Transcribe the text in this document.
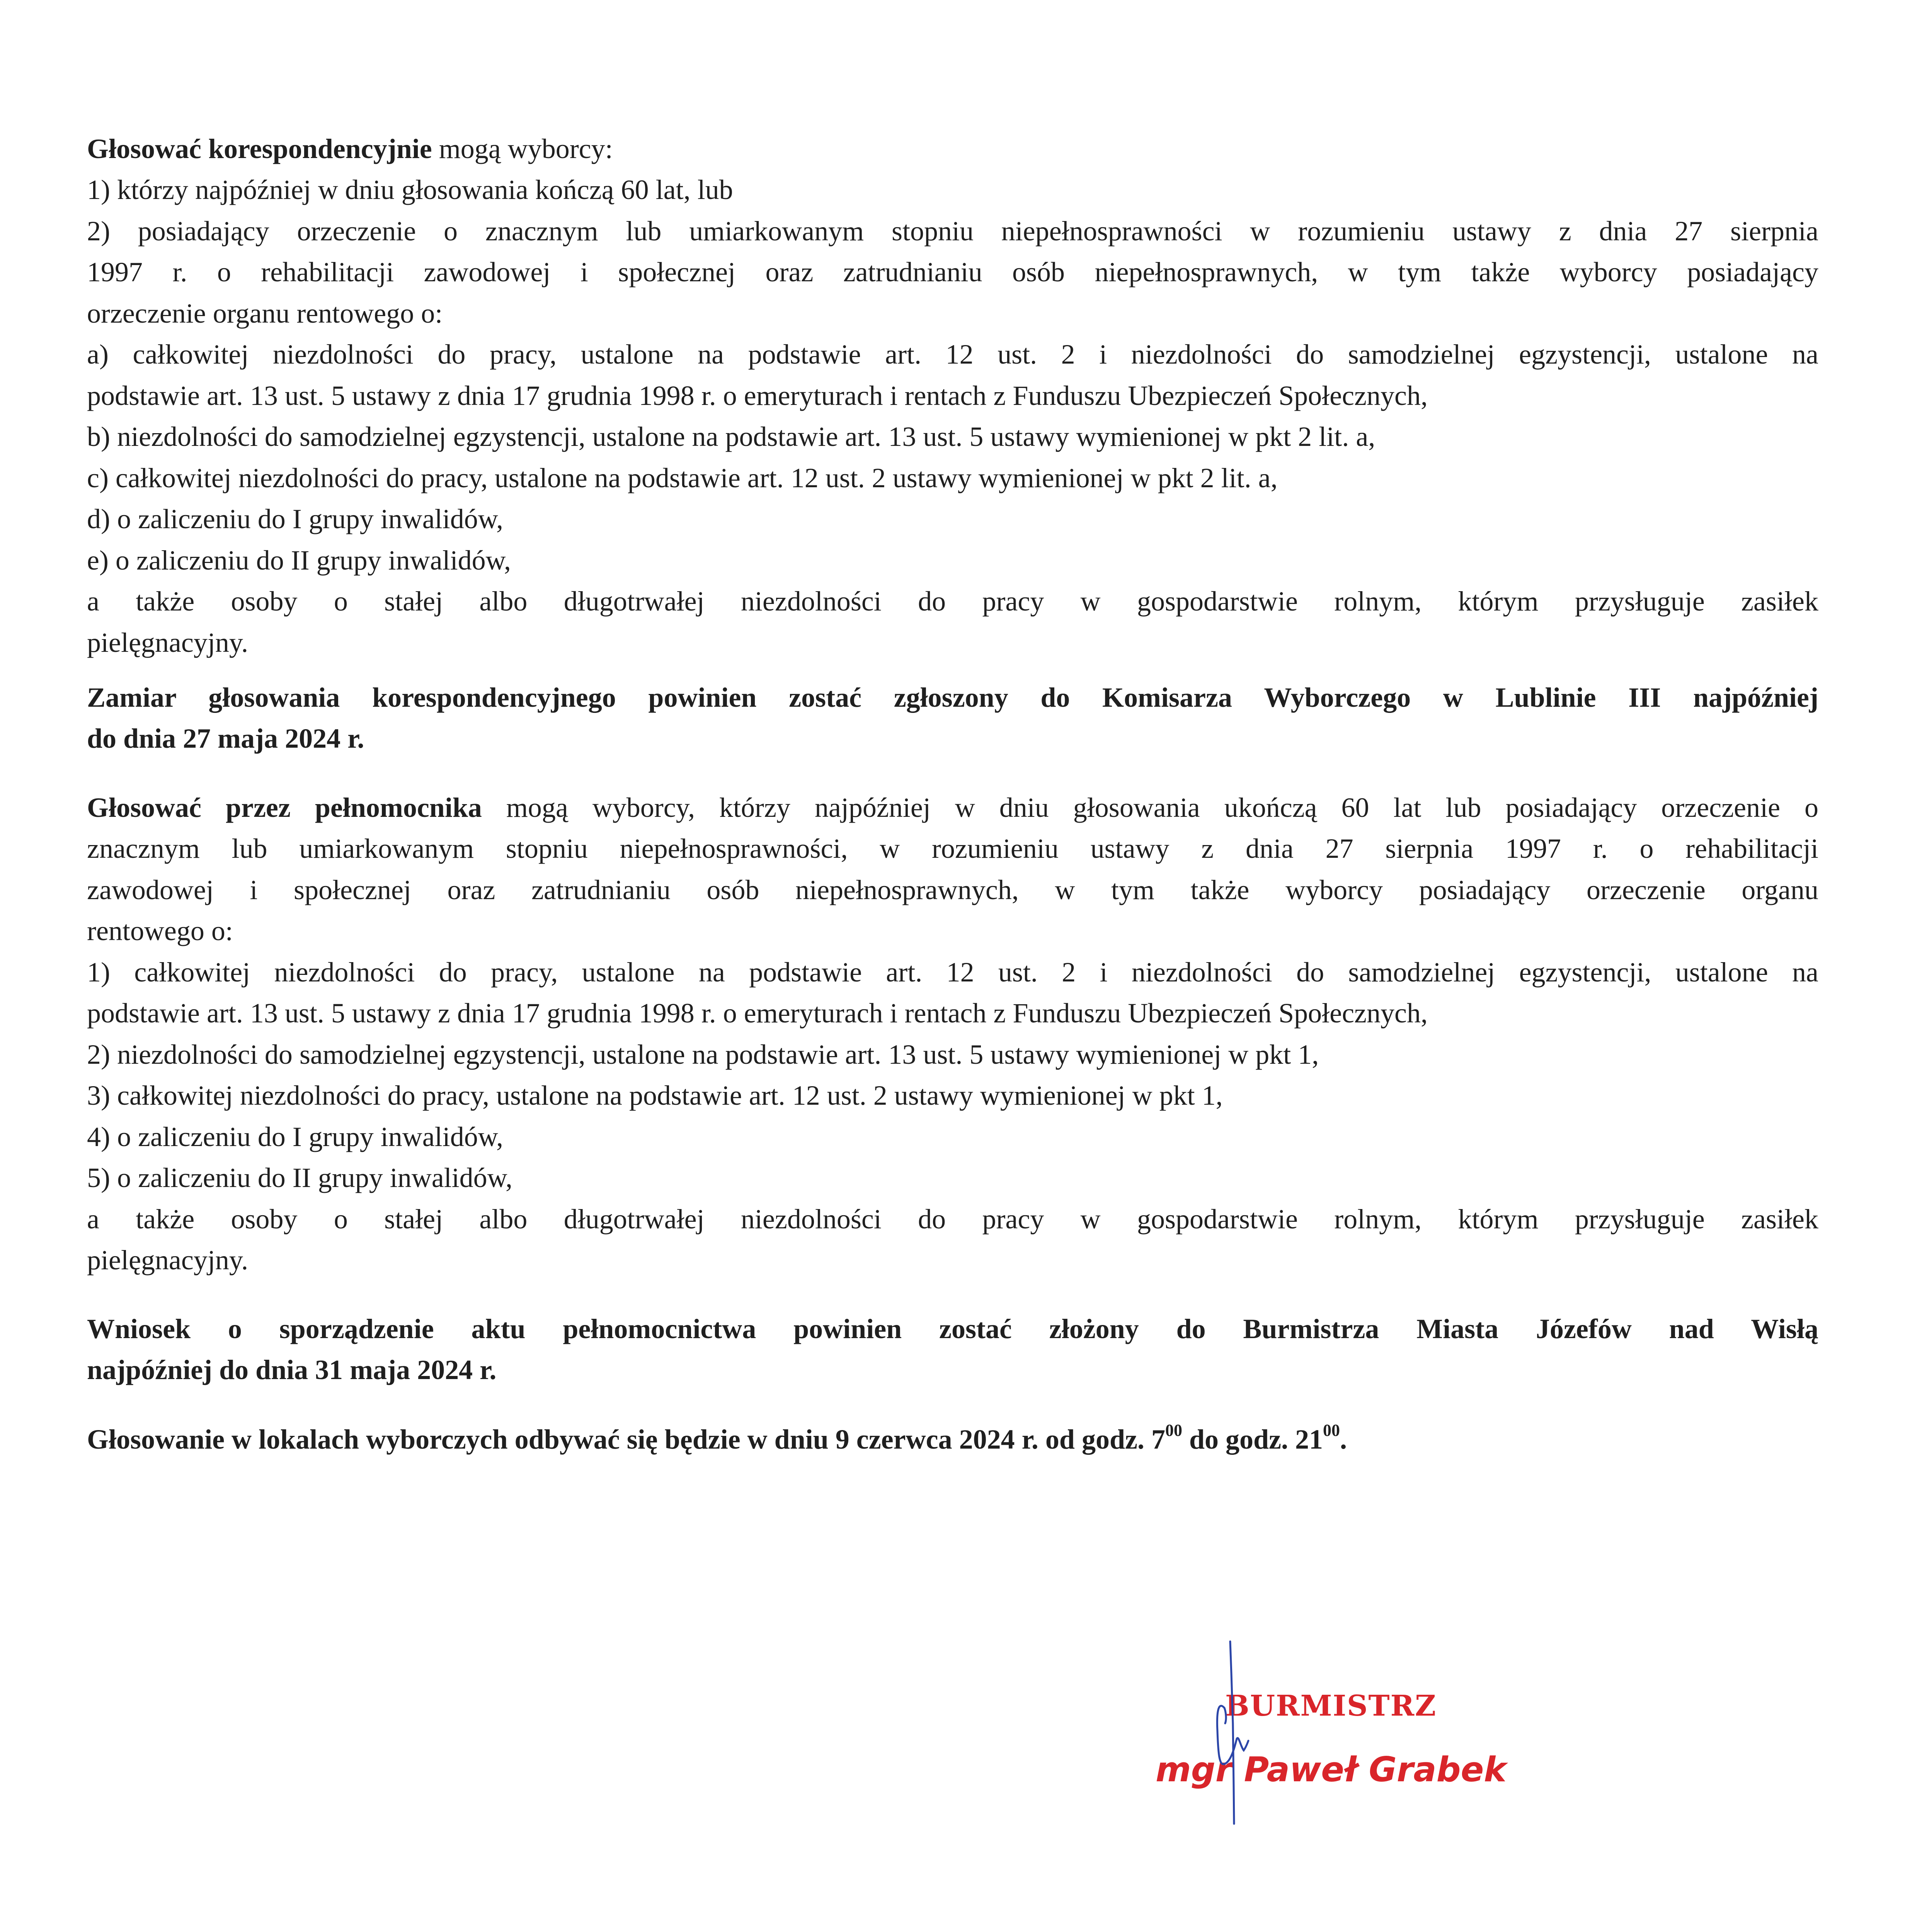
Głosować korespondencyjnie mogą wyborcy:
1) którzy najpóźniej w dniu głosowania kończą 60 lat, lub
2) posiadający orzeczenie o znacznym lub umiarkowanym stopniu niepełnosprawności w rozumieniu ustawy z dnia 27 sierpnia
1997 r. o rehabilitacji zawodowej i społecznej oraz zatrudnianiu osób niepełnosprawnych, w tym także wyborcy posiadający
orzeczenie organu rentowego o:
a) całkowitej niezdolności do pracy, ustalone na podstawie art. 12 ust. 2 i niezdolności do samodzielnej egzystencji, ustalone na
podstawie art. 13 ust. 5 ustawy z dnia 17 grudnia 1998 r. o emeryturach i rentach z Funduszu Ubezpieczeń Społecznych,
b) niezdolności do samodzielnej egzystencji, ustalone na podstawie art. 13 ust. 5 ustawy wymienionej w pkt 2 lit. a,
c) całkowitej niezdolności do pracy, ustalone na podstawie art. 12 ust. 2 ustawy wymienionej w pkt 2 lit. a,
d) o zaliczeniu do I grupy inwalidów,
e) o zaliczeniu do II grupy inwalidów,
a także osoby o stałej albo długotrwałej niezdolności do pracy w gospodarstwie rolnym, którym przysługuje zasiłek
pielęgnacyjny.
Zamiar głosowania korespondencyjnego powinien zostać zgłoszony do Komisarza Wyborczego w Lublinie III najpóźniej
do dnia 27 maja 2024 r.
Głosować przez pełnomocnika mogą wyborcy, którzy najpóźniej w dniu głosowania ukończą 60 lat lub posiadający orzeczenie o
znacznym lub umiarkowanym stopniu niepełnosprawności, w rozumieniu ustawy z dnia 27 sierpnia 1997 r. o rehabilitacji
zawodowej i społecznej oraz zatrudnianiu osób niepełnosprawnych, w tym także wyborcy posiadający orzeczenie organu
rentowego o:
1) całkowitej niezdolności do pracy, ustalone na podstawie art. 12 ust. 2 i niezdolności do samodzielnej egzystencji, ustalone na
podstawie art. 13 ust. 5 ustawy z dnia 17 grudnia 1998 r. o emeryturach i rentach z Funduszu Ubezpieczeń Społecznych,
2) niezdolności do samodzielnej egzystencji, ustalone na podstawie art. 13 ust. 5 ustawy wymienionej w pkt 1,
3) całkowitej niezdolności do pracy, ustalone na podstawie art. 12 ust. 2 ustawy wymienionej w pkt 1,
4) o zaliczeniu do I grupy inwalidów,
5) o zaliczeniu do II grupy inwalidów,
a także osoby o stałej albo długotrwałej niezdolności do pracy w gospodarstwie rolnym, którym przysługuje zasiłek
pielęgnacyjny.
Wniosek o sporządzenie aktu pełnomocnictwa powinien zostać złożony do Burmistrza Miasta Józefów nad Wisłą
najpóźniej do dnia 31 maja 2024 r.
Głosowanie w lokalach wyborczych odbywać się będzie w dniu 9 czerwca 2024 r. od godz. $7^{00}$ do godz. $21^{00}$.
BURMISTRZ
mgr Paweł Grabek
